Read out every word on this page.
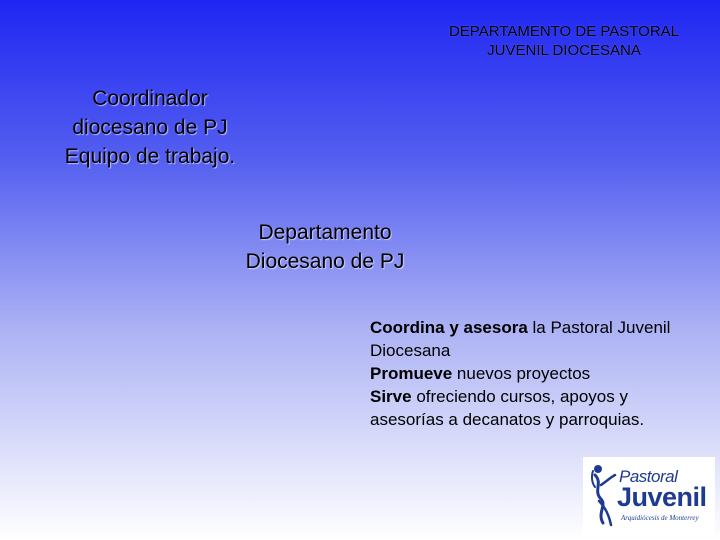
DEPARTAMENTO DE PASTORAL
JUVENIL DIOCESANA
Coordinador
diocesano de PJ
Equipo de trabajo.
Departamento
Diocesano de PJ
Coordina y asesora la Pastoral Juvenil Diocesana
Promueve nuevos proyectos
Sirve ofreciendo cursos, apoyos y asesorías a decanatos y parroquias.
Pastoral
Juvenil
Arquidiócesis de Monterrey
